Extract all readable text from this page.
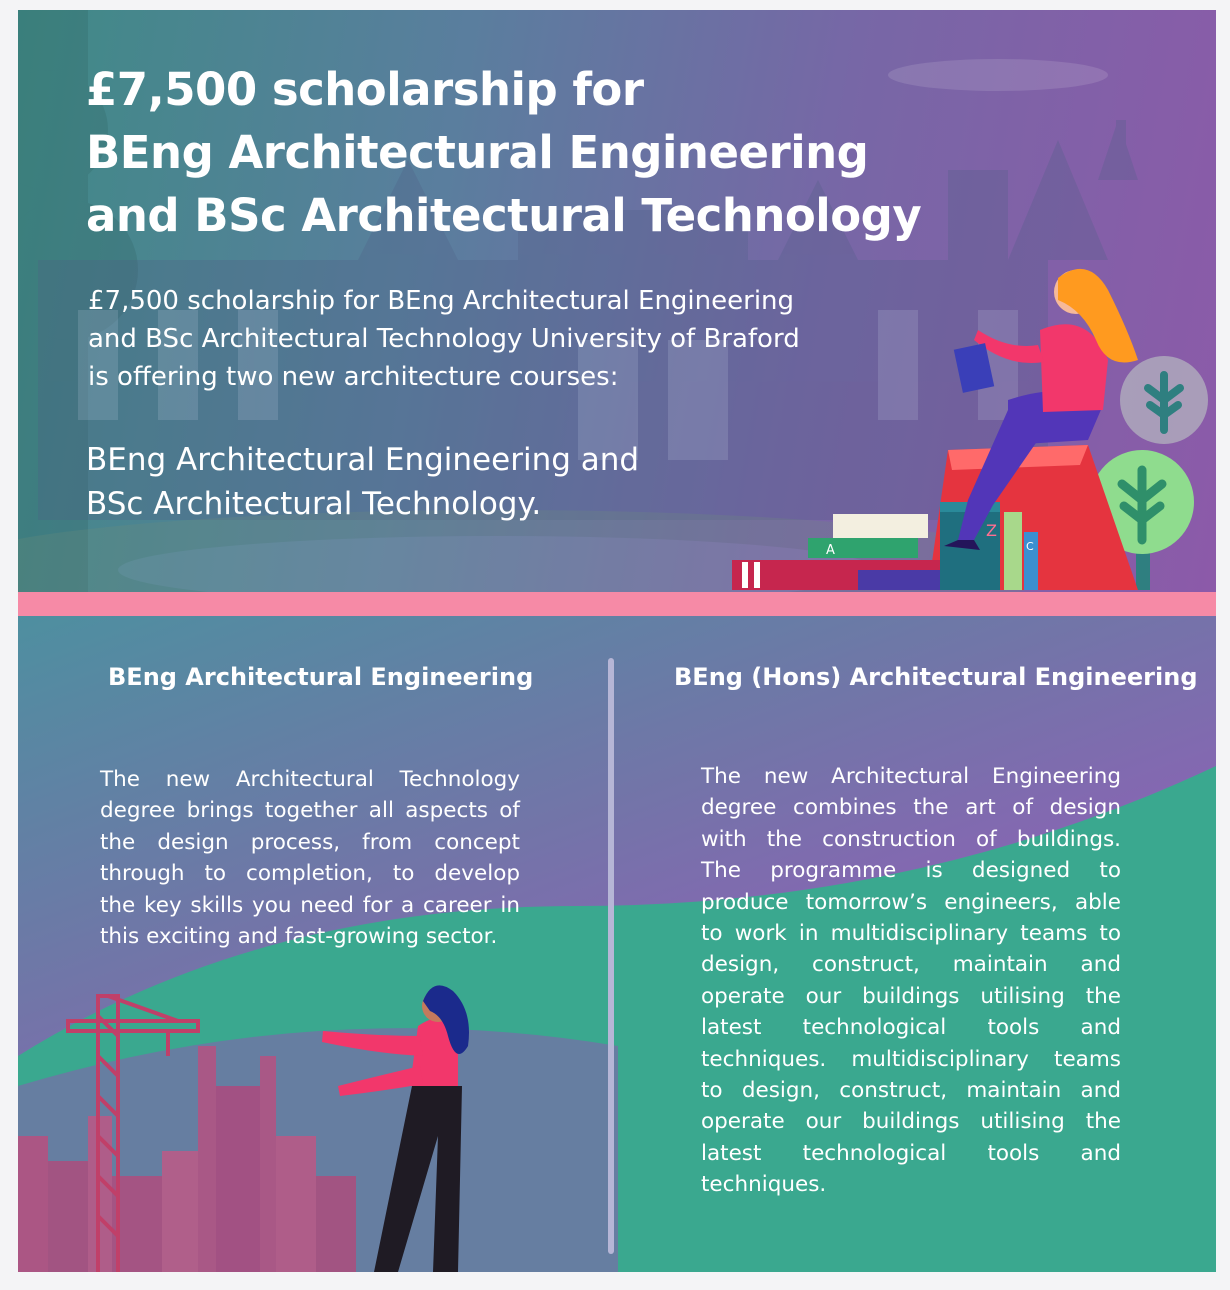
£7,500 scholarship for
BEng Architectural Engineering
and BSc Architectural Technology

£7,500 scholarship for BEng Architectural Engineering
and BSc Architectural Technology University of Braford
is offering two new architecture courses:

BEng Architectural Engineering and
BSc Architectural Technology.
A
Z
C
BEng Architectural Engineering

The new Architectural Technology
degree brings together all aspects of
the design process, from concept
through to completion, to develop
the key skills you need for a career in
this exciting and fast-growing sector.

BEng (Hons) Architectural Engineering

The new Architectural Engineering
degree combines the art of design
with the construction of buildings.
The programme is designed to
produce tomorrow’s engineers, able
to work in multidisciplinary teams to
design, construct, maintain and
operate our buildings utilising the
latest technological tools and
techniques. multidisciplinary teams
to design, construct, maintain and
operate our buildings utilising the
latest technological tools and
techniques.
